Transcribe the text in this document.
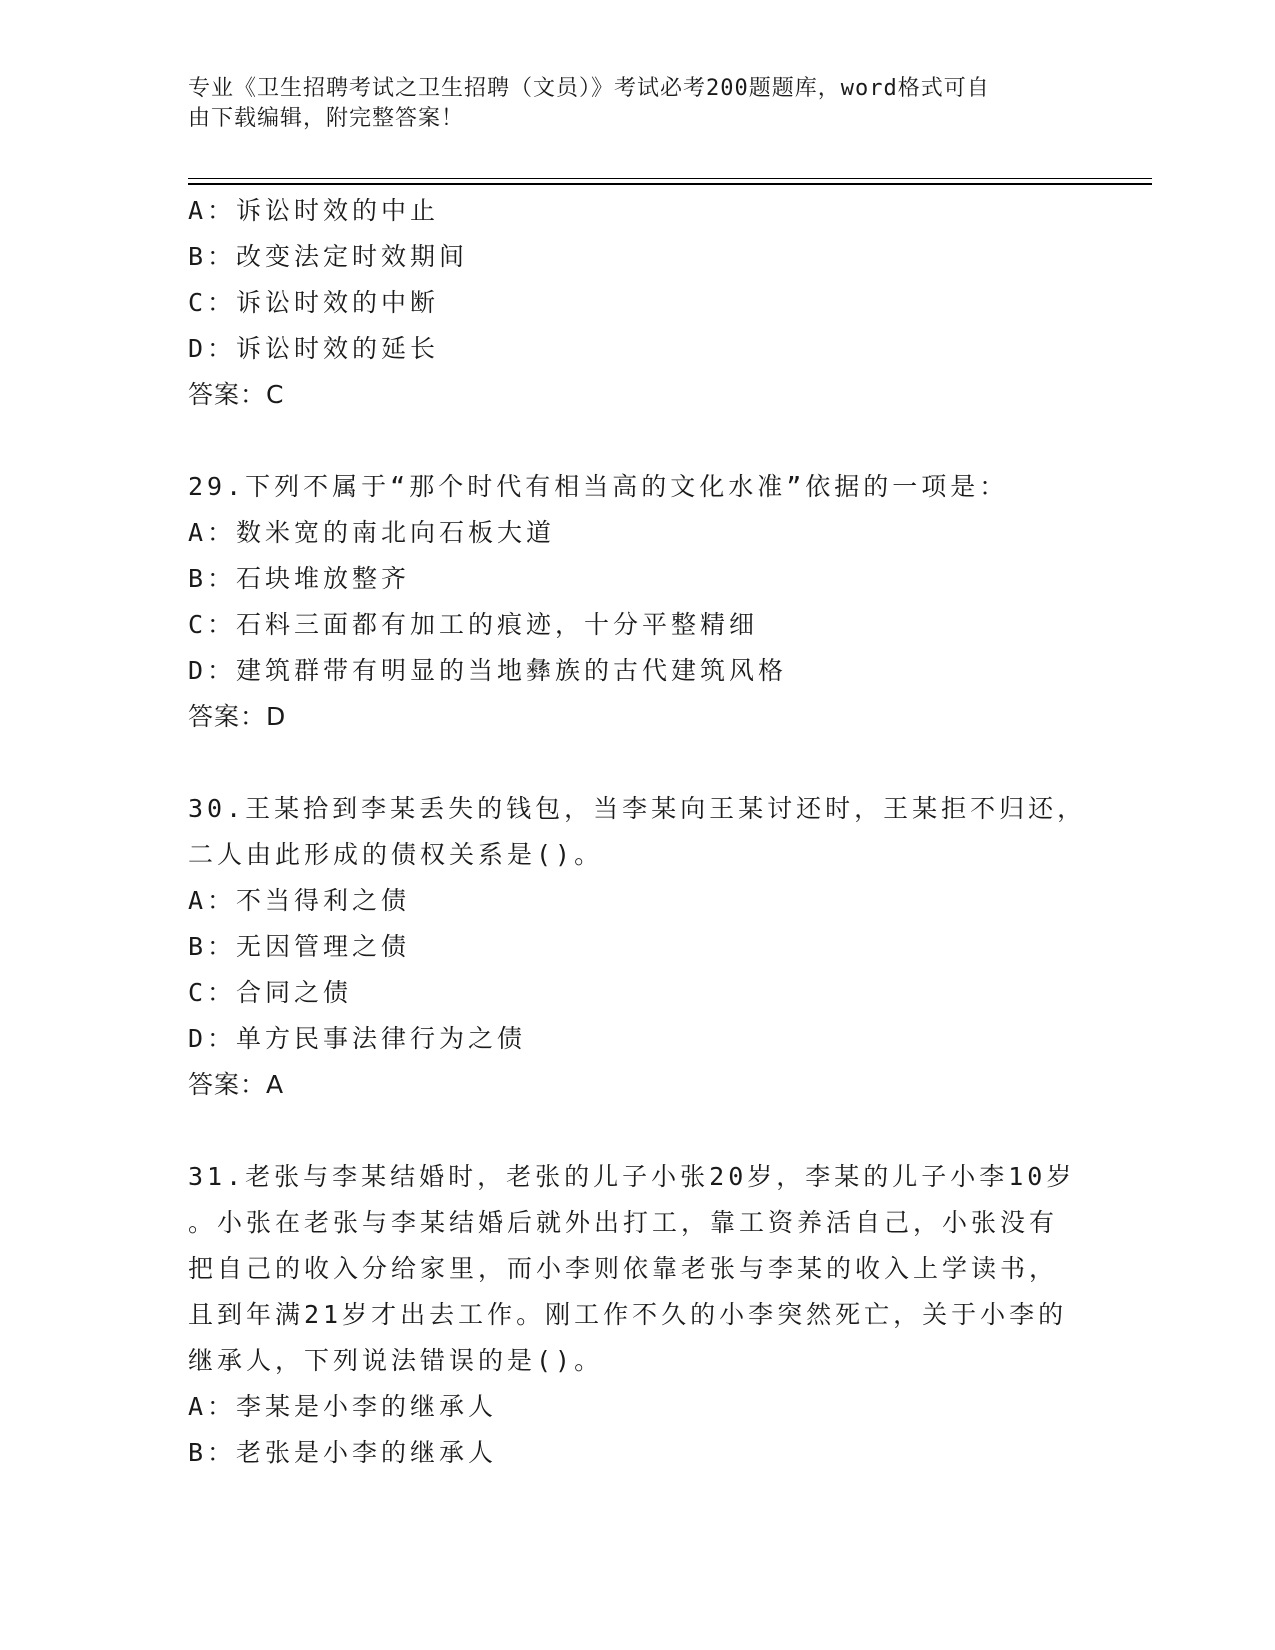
专业《卫生招聘考试之卫生招聘（文员）》考试必考200题题库，word格式可自
由下载编辑，附完整答案！
A：诉讼时效的中止
B：改变法定时效期间
C：诉讼时效的中断
D：诉讼时效的延长
答案：C
29.下列不属于“那个时代有相当高的文化水准”依据的一项是：
A：数米宽的南北向石板大道
B：石块堆放整齐
C：石料三面都有加工的痕迹，十分平整精细
D：建筑群带有明显的当地彝族的古代建筑风格
答案：D
30.王某拾到李某丢失的钱包，当李某向王某讨还时，王某拒不归还，
二人由此形成的债权关系是()。
A：不当得利之债
B：无因管理之债
C：合同之债
D：单方民事法律行为之债
答案：A
31.老张与李某结婚时，老张的儿子小张20岁，李某的儿子小李10岁
。小张在老张与李某结婚后就外出打工，靠工资养活自己，小张没有
把自己的收入分给家里，而小李则依靠老张与李某的收入上学读书，
且到年满21岁才出去工作。刚工作不久的小李突然死亡，关于小李的
继承人，下列说法错误的是()。
A：李某是小李的继承人
B：老张是小李的继承人
